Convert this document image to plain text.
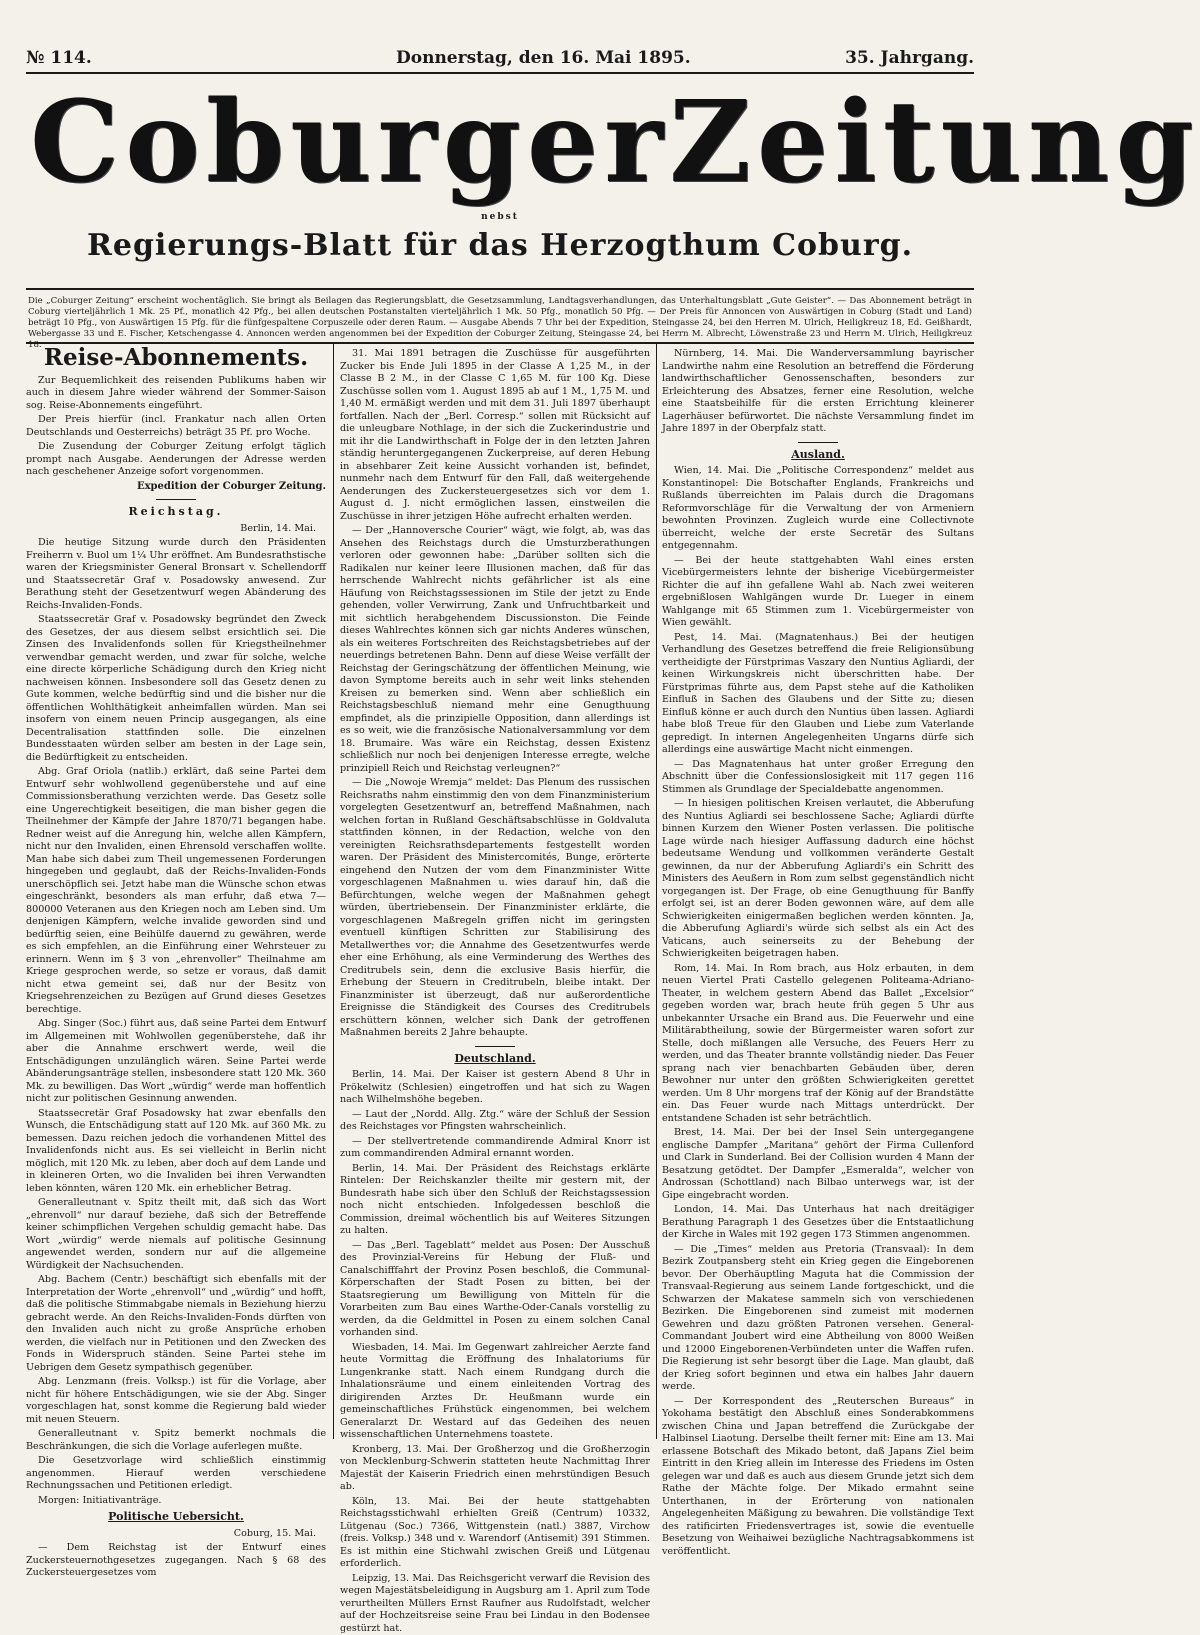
№ 114.	Donnerstag, den 16. Mai 1895.	35. Jahrgang.
Coburger Zeitung
nebst
Regierungs-Blatt für das Herzogthum Coburg.
Die „Coburger Zeitung“ erscheint wochentäglich. Sie bringt als Beilagen das Regierungsblatt, die Gesetzsammlung, Landtagsverhandlungen, das Unterhaltungsblatt „Gute Geister“. — Das Abonnement beträgt in Coburg vierteljährlich 1 Mk. 25 Pf., monatlich 42 Pfg., bei allen deutschen Postanstalten vierteljährlich 1 Mk. 50 Pfg., monatlich 50 Pfg. — Der Preis für Annoncen von Auswärtigen in Coburg (Stadt und Land) beträgt 10 Pfg., von Auswärtigen 15 Pfg. für die fünfgespaltene Corpuszeile oder deren Raum. — Ausgabe Abends 7 Uhr bei der Expedition, Steingasse 24, bei den Herren M. Ulrich, Heiligkreuz 18, Ed. Geißhardt, Webergasse 33 und E. Fischer, Ketschengasse 4. Annoncen werden angenommen bei der Expedition der Coburger Zeitung, Steingasse 24, bei Herrn M. Albrecht, Löwenstraße 23 und Herrn M. Ulrich, Heiligkreuz 18. Reise-Abonnements.

Zur Bequemlichkeit des reisenden Publikums haben wir auch in diesem Jahre wieder während der Sommer-Saison sog. Reise-Abonnements eingeführt.

Der Preis hierfür (incl. Frankatur nach allen Orten Deutschlands und Oesterreichs) beträgt 35 Pf. pro Woche.

Die Zusendung der Coburger Zeitung erfolgt täglich prompt nach Ausgabe. Aenderungen der Adresse werden nach geschehener Anzeige sofort vorgenommen.

Expedition der Coburger Zeitung.
Reichstag.
Berlin, 14. Mai.

Die heutige Sitzung wurde durch den Präsidenten Freiherrn v. Buol um 1¼ Uhr eröffnet. Am Bundesrathstische waren der Kriegsminister General Bronsart v. Schellendorff und Staatssecretär Graf v. Posadowsky anwesend. Zur Berathung steht der Gesetzentwurf wegen Abänderung des Reichs-Invaliden-Fonds.

Staatssecretär Graf v. Posadowsky begründet den Zweck des Gesetzes, der aus diesem selbst ersichtlich sei. Die Zinsen des Invalidenfonds sollen für Kriegstheilnehmer verwendbar gemacht werden, und zwar für solche, welche eine directe körperliche Schädigung durch den Krieg nicht nachweisen können. Insbesondere soll das Gesetz denen zu Gute kommen, welche bedürftig sind und die bisher nur die öffentlichen Wohlthätigkeit anheimfallen würden. Man sei insofern von einem neuen Princip ausgegangen, als eine Decentralisation stattfinden solle. Die einzelnen Bundesstaaten würden selber am besten in der Lage sein, die Bedürftigkeit zu entscheiden.

Abg. Graf Oriola (natlib.) erklärt, daß seine Partei dem Entwurf sehr wohlwollend gegenüberstehe und auf eine Commissionsberathung verzichten werde. Das Gesetz solle eine Ungerechtigkeit beseitigen, die man bisher gegen die Theilnehmer der Kämpfe der Jahre 1870/71 begangen habe. Redner weist auf die Anregung hin, welche allen Kämpfern, nicht nur den Invaliden, einen Ehrensold verschaffen wollte. Man habe sich dabei zum Theil ungemessenen Forderungen hingegeben und geglaubt, daß der Reichs-Invaliden-Fonds unerschöpflich sei. Jetzt habe man die Wünsche schon etwas eingeschränkt, besonders als man erfuhr, daß etwa 7—800000 Veteranen aus den Kriegen noch am Leben sind. Um denjenigen Kämpfern, welche invalide geworden sind und bedürftig seien, eine Beihülfe dauernd zu gewähren, werde es sich empfehlen, an die Einführung einer Wehrsteuer zu erinnern. Wenn im § 3 von „ehrenvoller“ Theilnahme am Kriege gesprochen werde, so setze er voraus, daß damit nicht etwa gemeint sei, daß nur der Besitz von Kriegsehrenzeichen zu Bezügen auf Grund dieses Gesetzes berechtige.

Abg. Singer (Soc.) führt aus, daß seine Partei dem Entwurf im Allgemeinen mit Wohlwollen gegenüberstehe, daß ihr aber die Annahme erschwert werde, weil die Entschädigungen unzulänglich wären. Seine Partei werde Abänderungsanträge stellen, insbesondere statt 120 Mk. 360 Mk. zu bewilligen. Das Wort „würdig“ werde man hoffentlich nicht zur politischen Gesinnung anwenden.

Staatssecretär Graf Posadowsky hat zwar ebenfalls den Wunsch, die Entschädigung statt auf 120 Mk. auf 360 Mk. zu bemessen. Dazu reichen jedoch die vorhandenen Mittel des Invalidenfonds nicht aus. Es sei vielleicht in Berlin nicht möglich, mit 120 Mk. zu leben, aber doch auf dem Lande und in kleineren Orten, wo die Invaliden bei ihren Verwandten leben könnten, wären 120 Mk. ein erheblicher Betrag.

Generalleutnant v. Spitz theilt mit, daß sich das Wort „ehrenvoll“ nur darauf beziehe, daß sich der Betreffende keiner schimpflichen Vergehen schuldig gemacht habe. Das Wort „würdig“ werde niemals auf politische Gesinnung angewendet werden, sondern nur auf die allgemeine Würdigkeit der Nachsuchenden.

Abg. Bachem (Centr.) beschäftigt sich ebenfalls mit der Interpretation der Worte „ehrenvoll“ und „würdig“ und hofft, daß die politische Stimmabgabe niemals in Beziehung hierzu gebracht werde. An den Reichs-Invaliden-Fonds dürften von den Invaliden auch nicht zu große Ansprüche erhoben werden, die vielfach nur in Petitionen und den Zwecken des Fonds in Widerspruch ständen. Seine Partei stehe im Uebrigen dem Gesetz sympathisch gegenüber.

Abg. Lenzmann (freis. Volksp.) ist für die Vorlage, aber nicht für höhere Entschädigungen, wie sie der Abg. Singer vorgeschlagen hat, sonst komme die Regierung bald wieder mit neuen Steuern.

Generalleutnant v. Spitz bemerkt nochmals die Beschränkungen, die sich die Vorlage auferlegen mußte.

Die Gesetzvorlage wird schließlich einstimmig angenommen. Hierauf werden verschiedene Rechnungssachen und Petitionen erledigt.

Morgen: Initiativanträge.

Politische Uebersicht.
Coburg, 15. Mai.

— Dem Reichstag ist der Entwurf eines Zuckersteuernothgesetzes zugegangen. Nach § 68 des Zuckersteuergesetzes vom

31. Mai 1891 betragen die Zuschüsse für ausgeführten Zucker bis Ende Juli 1895 in der Classe A 1,25 M., in der Classe B 2 M., in der Classe C 1,65 M. für 100 Kg. Diese Zuschüsse sollen vom 1. August 1895 ab auf 1 M., 1,75 M. und 1,40 M. ermäßigt werden und mit dem 31. Juli 1897 überhaupt fortfallen. Nach der „Berl. Corresp.“ sollen mit Rücksicht auf die unleugbare Nothlage, in der sich die Zuckerindustrie und mit ihr die Landwirthschaft in Folge der in den letzten Jahren ständig heruntergegangenen Zuckerpreise, auf deren Hebung in absehbarer Zeit keine Aussicht vorhanden ist, befindet, nunmehr nach dem Entwurf für den Fall, daß weitergehende Aenderungen des Zuckersteuergesetzes sich vor dem 1. August d. J. nicht ermöglichen lassen, einstweilen die Zuschüsse in ihrer jetzigen Höhe aufrecht erhalten werden.

— Der „Hannoversche Courier“ wägt, wie folgt, ab, was das Ansehen des Reichstags durch die Umsturzberathungen verloren oder gewonnen habe: „Darüber sollten sich die Radikalen nur keiner leere Illusionen machen, daß für das herrschende Wahlrecht nichts gefährlicher ist als eine Häufung von Reichstagssessionen im Stile der jetzt zu Ende gehenden, voller Verwirrung, Zank und Unfruchtbarkeit und mit sichtlich herabgehendem Discussionston. Die Feinde dieses Wahlrechtes können sich gar nichts Anderes wünschen, als ein weiteres Fortschreiten des Reichstagsbetriebes auf der neuerdings betretenen Bahn. Denn auf diese Weise verfällt der Reichstag der Geringschätzung der öffentlichen Meinung, wie davon Symptome bereits auch in sehr weit links stehenden Kreisen zu bemerken sind. Wenn aber schließlich ein Reichstagsbeschluß niemand mehr eine Genugthuung empfindet, als die prinzipielle Opposition, dann allerdings ist es so weit, wie die französische Nationalversammlung vor dem 18. Brumaire. Was wäre ein Reichstag, dessen Existenz schließlich nur noch bei denjenigen Interesse erregte, welche prinzipiell Reich und Reichstag verleugnen?“

— Die „Nowoje Wremja“ meldet: Das Plenum des russischen Reichsraths nahm einstimmig den von dem Finanzministerium vorgelegten Gesetzentwurf an, betreffend Maßnahmen, nach welchen fortan in Rußland Geschäftsabschlüsse in Goldvaluta stattfinden können, in der Redaction, welche von den vereinigten Reichsrathsdepartements festgestellt worden waren. Der Präsident des Ministercomités, Bunge, erörterte eingehend den Nutzen der vom dem Finanzminister Witte vorgeschlagenen Maßnahmen u. wies darauf hin, daß die Befürchtungen, welche wegen der Maßnahmen gehegt würden, übertriebensein. Der Finanzminister erklärte, die vorgeschlagenen Maßregeln griffen nicht im geringsten eventuell künftigen Schritten zur Stabilisirung des Metallwerthes vor; die Annahme des Gesetzentwurfes werde eher eine Erhöhung, als eine Verminderung des Werthes des Creditrubels sein, denn die exclusive Basis hierfür, die Erhebung der Steuern in Creditrubeln, bleibe intakt. Der Finanzminister ist überzeugt, daß nur außerordentliche Ereignisse die Ständigkeit des Courses des Creditrubels erschüttern können, welcher sich Dank der getroffenen Maßnahmen bereits 2 Jahre behaupte.

Deutschland.

Berlin, 14. Mai. Der Kaiser ist gestern Abend 8 Uhr in Prökelwitz (Schlesien) eingetroffen und hat sich zu Wagen nach Wilhelmshöhe begeben.

— Laut der „Nordd. Allg. Ztg.“ wäre der Schluß der Session des Reichstages vor Pfingsten wahrscheinlich.

— Der stellvertretende commandirende Admiral Knorr ist zum commandirenden Admiral ernannt worden.

Berlin, 14. Mai. Der Präsident des Reichstags erklärte Rintelen: Der Reichskanzler theilte mir gestern mit, der Bundesrath habe sich über den Schluß der Reichstagssession noch nicht entschieden. Infolgedessen beschloß die Commission, dreimal wöchentlich bis auf Weiteres Sitzungen zu halten.

— Das „Berl. Tageblatt“ meldet aus Posen: Der Ausschuß des Provinzial-Vereins für Hebung der Fluß- und Canalschifffahrt der Provinz Posen beschloß, die Communal-Körperschaften der Stadt Posen zu bitten, bei der Staatsregierung um Bewilligung von Mitteln für die Vorarbeiten zum Bau eines Warthe-Oder-Canals vorstellig zu werden, da die Geldmittel in Posen zu einem solchen Canal vorhanden sind.

Wiesbaden, 14. Mai. Im Gegenwart zahlreicher Aerzte fand heute Vormittag die Eröffnung des Inhalatoriums für Lungenkranke statt. Nach einem Rundgang durch die Inhalationsräume und einem einleitenden Vortrag des dirigirenden Arztes Dr. Heußmann wurde ein gemeinschaftliches Frühstück eingenommen, bei welchem Generalarzt Dr. Westard auf das Gedeihen des neuen wissenschaftlichen Unternehmens toastete.

Kronberg, 13. Mai. Der Großherzog und die Großherzogin von Mecklenburg-Schwerin statteten heute Nachmittag Ihrer Majestät der Kaiserin Friedrich einen mehrstündigen Besuch ab.

Köln, 13. Mai. Bei der heute stattgehabten Reichstagsstichwahl erhielten Greiß (Centrum) 10332, Lütgenau (Soc.) 7366, Wittgenstein (natl.) 3887, Virchow (freis. Volksp.) 348 und v. Warendorf (Antisemit) 391 Stimmen. Es ist mithin eine Stichwahl zwischen Greiß und Lütgenau erforderlich.

Leipzig, 13. Mai. Das Reichsgericht verwarf die Revision des wegen Majestätsbeleidigung in Augsburg am 1. April zum Tode verurtheilten Müllers Ernst Raufner aus Rudolfstadt, welcher auf der Hochzeitsreise seine Frau bei Lindau in den Bodensee gestürzt hat.

Nürnberg, 14. Mai. Die Wanderversammlung bayrischer Landwirthe nahm eine Resolution an betreffend die Förderung landwirthschaftlicher Genossenschaften, besonders zur Erleichterung des Absatzes, ferner eine Resolution, welche eine Staatsbeihilfe für die ersten Errichtung kleinerer Lagerhäuser befürwortet. Die nächste Versammlung findet im Jahre 1897 in der Oberpfalz statt.

Ausland.

Wien, 14. Mai. Die „Politische Correspondenz“ meldet aus Konstantinopel: Die Botschafter Englands, Frankreichs und Rußlands überreichten im Palais durch die Dragomans Reformvorschläge für die Verwaltung der von Armeniern bewohnten Provinzen. Zugleich wurde eine Collectivnote überreicht, welche der erste Secretär des Sultans entgegennahm.

— Bei der heute stattgehabten Wahl eines ersten Vicebürgermeisters lehnte der bisherige Vicebürgermeister Richter die auf ihn gefallene Wahl ab. Nach zwei weiteren ergebnißlosen Wahlgängen wurde Dr. Lueger in einem Wahlgange mit 65 Stimmen zum 1. Vicebürgermeister von Wien gewählt.

Pest, 14. Mai. (Magnatenhaus.) Bei der heutigen Verhandlung des Gesetzes betreffend die freie Religionsübung vertheidigte der Fürstprimas Vaszary den Nuntius Agliardi, der keinen Wirkungskreis nicht überschritten habe. Der Fürstprimas führte aus, dem Papst stehe auf die Katholiken Einfluß in Sachen des Glaubens und der Sitte zu; diesen Einfluß könne er auch durch den Nuntius üben lassen. Agliardi habe bloß Treue für den Glauben und Liebe zum Vaterlande gepredigt. In internen Angelegenheiten Ungarns dürfe sich allerdings eine auswärtige Macht nicht einmengen.

— Das Magnatenhaus hat unter großer Erregung den Abschnitt über die Confessionslosigkeit mit 117 gegen 116 Stimmen als Grundlage der Specialdebatte angenommen.

— In hiesigen politischen Kreisen verlautet, die Abberufung des Nuntius Agliardi sei beschlossene Sache; Agliardi dürfte binnen Kurzem den Wiener Posten verlassen. Die politische Lage würde nach hiesiger Auffassung dadurch eine höchst bedeutsame Wendung und vollkommen veränderte Gestalt gewinnen, da nur der Abberufung Agliardi's ein Schritt des Ministers des Aeußern in Rom zum selbst gegenständlich nicht vorgegangen ist. Der Frage, ob eine Genugthuung für Banffy erfolgt sei, ist an derer Boden gewonnen wäre, auf dem alle Schwierigkeiten einigermaßen beglichen werden könnten. Ja, die Abberufung Agliardi's würde sich selbst als ein Act des Vaticans, auch seinerseits zu der Behebung der Schwierigkeiten beigetragen haben.

Rom, 14. Mai. In Rom brach, aus Holz erbauten, in dem neuen Viertel Prati Castello gelegenen Politeama-Adriano-Theater, in welchem gestern Abend das Ballet „Excelsior“ gegeben worden war, brach heute früh gegen 5 Uhr aus unbekannter Ursache ein Brand aus. Die Feuerwehr und eine Militärabtheilung, sowie der Bürgermeister waren sofort zur Stelle, doch mißlangen alle Versuche, des Feuers Herr zu werden, und das Theater brannte vollständig nieder. Das Feuer sprang nach vier benachbarten Gebäuden über, deren Bewohner nur unter den größten Schwierigkeiten gerettet werden. Um 8 Uhr morgens traf der König auf der Brandstätte ein. Das Feuer wurde nach Mittags unterdrückt. Der entstandene Schaden ist sehr beträchtlich.

Brest, 14. Mai. Der bei der Insel Sein untergegangene englische Dampfer „Maritana“ gehört der Firma Cullenford und Clark in Sunderland. Bei der Collision wurden 4 Mann der Besatzung getödtet. Der Dampfer „Esmeralda“, welcher von Androssan (Schottland) nach Bilbao unterwegs war, ist der Gipe eingebracht worden.

London, 14. Mai. Das Unterhaus hat nach dreitägiger Berathung Paragraph 1 des Gesetzes über die Entstaatlichung der Kirche in Wales mit 192 gegen 173 Stimmen angenommen.

— Die „Times“ melden aus Pretoria (Transvaal): In dem Bezirk Zoutpansberg steht ein Krieg gegen die Eingeborenen bevor. Der Oberhäuptling Maguta hat die Commission der Transvaal-Regierung aus seinem Lande fortgeschickt, und die Schwarzen der Makatese sammeln sich von verschiedenen Bezirken. Die Eingeborenen sind zumeist mit modernen Gewehren und dazu größten Patronen versehen. General-Commandant Joubert wird eine Abtheilung von 8000 Weißen und 12000 Eingeborenen-Verbündeten unter die Waffen rufen. Die Regierung ist sehr besorgt über die Lage. Man glaubt, daß der Krieg sofort beginnen und etwa ein halbes Jahr dauern werde.

— Der Korrespondent des „Reuterschen Bureaus“ in Yokohama bestätigt den Abschluß eines Sonderabkommens zwischen China und Japan betreffend die Zurückgabe der Halbinsel Liaotung. Derselbe theilt ferner mit: Eine am 13. Mai erlassene Botschaft des Mikado betont, daß Japans Ziel beim Eintritt in den Krieg allein im Interesse des Friedens im Osten gelegen war und daß es auch aus diesem Grunde jetzt sich dem Rathe der Mächte folge. Der Mikado ermahnt seine Unterthanen, in der Erörterung von nationalen Angelegenheiten Mäßigung zu bewahren. Die vollständige Text des ratificirten Friedensvertrages ist, sowie die eventuelle Besetzung von Weihaiwei bezügliche Nachtragsabkommens ist veröffentlicht.
